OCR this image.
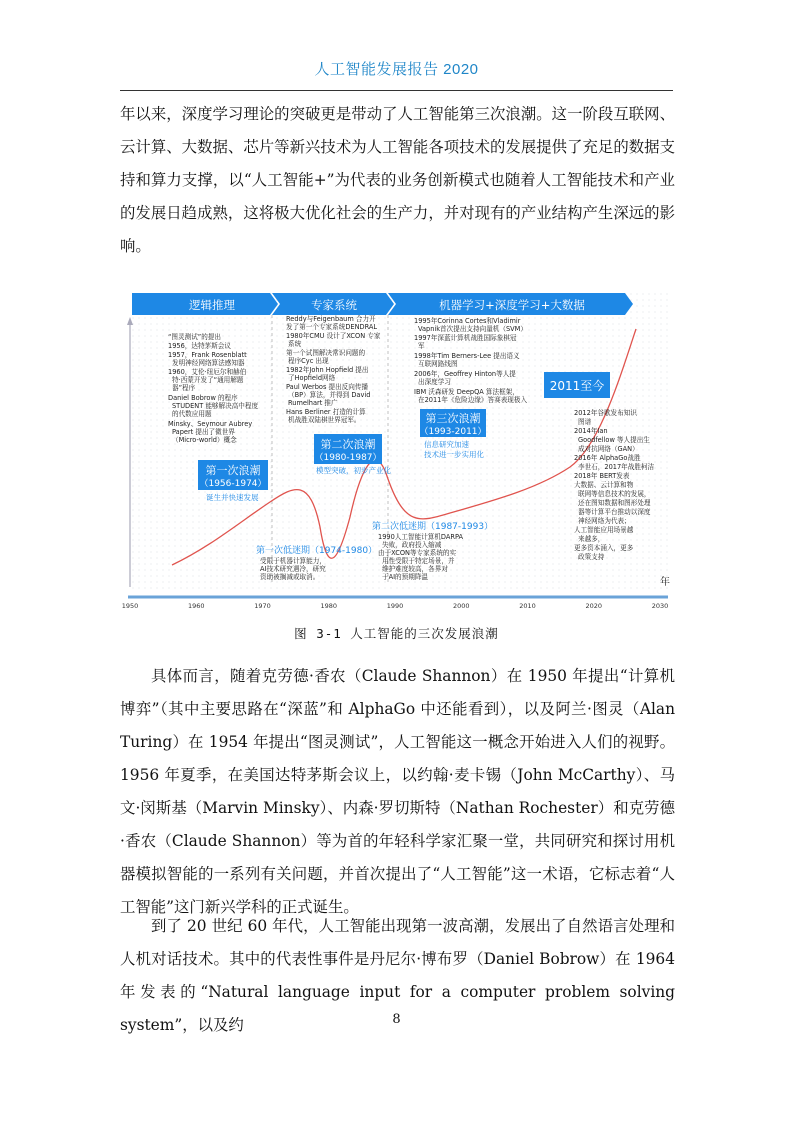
人工智能发展报告 2020

年以来，深度学习理论的突破更是带动了人工智能第三次浪潮。这一阶段互联网、云计算、大数据、芯片等新兴技术为人工智能各项技术的发展提供了充足的数据支持和算力支撑，以“人工智能+”为代表的业务创新模式也随着人工智能技术和产业的发展日趋成熟，这将极大优化社会的生产力，并对现有的产业结构产生深远的影响。

逻辑推理	专家系统	机器学习+深度学习+大数据
第一次浪潮
（1956-1974）
诞生并快速发展
第二次浪潮
（1980-1987）
模型突破，初步产业化
第三次浪潮
（1993-2011）
信息研究加速
技术进一步实用化
2011至今
第一次低迷期（1974-1980）
第二次低迷期（1987-1993）
“图灵测试”的提出
1956，达特茅斯会议
1957，Frank Rosenblatt
发明神经网络算法感知器
1960，艾伦·纽厄尔和赫伯
特·西蒙开发了“通用解题
器”程序
Daniel Bobrow 的程序
STUDENT 能够解决高中程度
的代数应用题
Minsky、Seymour Aubrey
Papert 提出了微世界
（Micro-world）概念
Reddy与Feigenbaum 合力开
发了第一个专家系统DENDRAL
1980年CMU 设计了XCON 专家
系统
第一个试图解决常识问题的
程序Cyc 出现
1982年John Hopfield 提出
了Hopfield网络
Paul Werbos 提出反向传播
（BP）算法，并得到 David
Rumelhart 推广
Hans Berliner 打造的计算
机战胜双陆棋世界冠军。
1995年Corinna Cortes和Vladimir
Vapnik首次提出支持向量机（SVM）
1997年深蓝计算机战胜国际象棋冠
军
1998年Tim Berners-Lee 提出语义
互联网路线图
2006年，Geoffrey Hinton等人提
出深度学习
IBM 沃森研发 DeepQA 算法框架，
在2011年《危险边缘》答赛表现极入
受限于机器计算能力，
AI技术研究遇冷，研究
资助被搁减或取消。
1990人工智能计算机DARPA
失败，政府投入缩减
由于XCON等专家系统的实
用性受限于特定场景，并
维护难度较高，各界对
于AI的预期降温
2012年谷歌发布知识
图谱
2014年Ian
Goodfellow 等人提出生
成对抗网络（GAN）
2016年 AlphaGo战胜
李世石，2017年战胜柯洁
2018年 BERT发表
大数据、云计算和物
联网等信息技术的发展，
还在图知数据和图形处理
器等计算平台推动以深度
神经网络为代表；
人工智能应用场景越
来越多，
更多资本涌入，更多
政策支持
年
1950	1960	1970	1980	1990	2000	2010	2020	2030
图 3-1 人工智能的三次发展浪潮

具体而言，随着克劳德·香农（Claude Shannon）在 1950 年提出“计算机博弈”（其中主要思路在“深蓝”和 AlphaGo 中还能看到），以及阿兰·图灵（Alan Turing）在 1954 年提出“图灵测试”，人工智能这一概念开始进入人们的视野。1956 年夏季，在美国达特茅斯会议上，以约翰·麦卡锡（John McCarthy）、马文·闵斯基（Marvin Minsky）、内森·罗切斯特（Nathan Rochester）和克劳德·香农（Claude Shannon）等为首的年轻科学家汇聚一堂，共同研究和探讨用机器模拟智能的一系列有关问题，并首次提出了“人工智能”这一术语，它标志着“人工智能”这门新兴学科的正式诞生。

到了 20 世纪 60 年代，人工智能出现第一波高潮，发展出了自然语言处理和人机对话技术。其中的代表性事件是丹尼尔·博布罗（Daniel Bobrow）在 1964 年发表的“Natural language input for a computer problem solving system”，以及约	8
